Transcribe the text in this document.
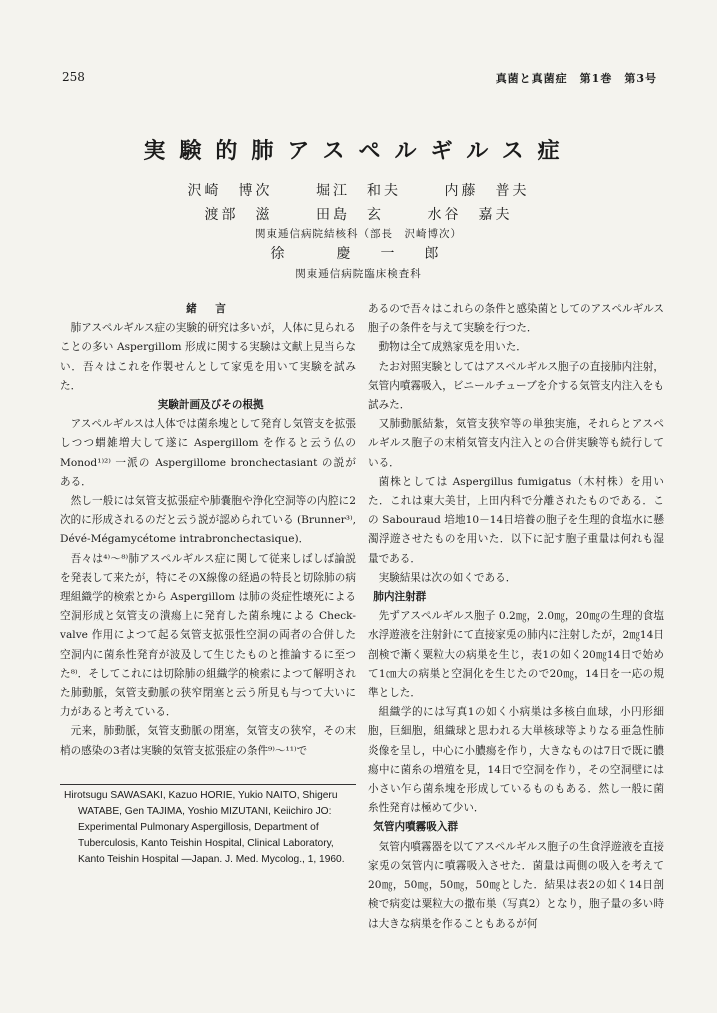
258	真菌と真菌症　第1巻　第3号
実験的肺アスペルギルス症
沢崎　博次	堀江　和夫	内藤　普夫
渡部　滋	田島　玄	水谷　嘉夫
関東逓信病院結核科（部長　沢崎博次）
徐　　慶　一　郎
関東逓信病院臨床検査科

緒　言

肺アスペルギルス症の実験的研究は多いが，人体に見られることの多い Aspergillom 形成に関する実験は文献上見当らない．吾々はこれを作製せんとして家兎を用いて実験を試みた．

実験計画及びその根拠

アスペルギルスは人体では菌糸塊として発育し気管支を拡張しつつ蝟雑増大して遂に Aspergillom を作ると云う仏の Monod¹⁾²⁾ 一派の Aspergillome bronchectasiant の説がある．

然し一般には気管支拡張症や肺嚢胞や浄化空洞等の内腔に2次的に形成されるのだと云う説が認められている (Brunner³⁾, Dévé-Mégamycétome intrabronchectasique)．

吾々は⁴⁾～⁸⁾肺アスペルギルス症に関して従来しばしば論説を発表して来たが，特にそのX線像の経過の特長と切除肺の病理組織学的検索とから Aspergillom は肺の炎症性壊死による空洞形成と気管支の潰瘍上に発育した菌糸塊による Check-valve 作用によつて起る気管支拡張性空洞の両者の合併した空洞内に菌糸性発育が波及して生じたものと推論するに至つた⁸⁾．そしてこれには切除肺の組織学的検索によつて解明された肺動脈，気管支動脈の狭窄閉塞と云う所見も与つて大いに力があると考えている．

元来，肺動脈，気管支動脈の閉塞，気管支の狭窄，その末梢の感染の3者は実験的気管支拡張症の条件⁹⁾～¹¹⁾で

Hirotsugu SAWASAKI, Kazuo HORIE, Yukio NAITO, Shigeru WATABE, Gen TAJIMA, Yoshio MIZUTANI, Keiichiro JO: Experimental Pulmonary Aspergillosis, Department of Tuberculosis, Kanto Teishin Hospital, Clinical Laboratory, Kanto Teishin Hospital —Japan. J. Med. Mycolog., 1, 1960.

あるので吾々はこれらの条件と感染菌としてのアスペルギルス胞子の条件を与えて実験を行つた．

動物は全て成熟家兎を用いた．

たお対照実験としてはアスペルギルス胞子の直接肺内注射，気管内噴霧吸入，ビニールチューブを介する気管支内注入をも試みた．

又肺動脈結紮，気管支狭窄等の単独実施，それらとアスペルギルス胞子の末梢気管支内注入との合併実験等も続行している．

菌株としては Aspergillus fumigatus（木村株）を用いた．これは東大美甘，上田内科で分離されたものである．この Sabouraud 培地10－14日培養の胞子を生理的食塩水に懸濁浮遊させたものを用いた．以下に記す胞子重量は何れも湿量である．

実験結果は次の如くである．

肺内注射群

先ずアスペルギルス胞子 0.2㎎，2.0㎎，20㎎の生理的食塩水浮遊液を注射針にて直接家兎の肺内に注射したが，2㎎14日剖検で漸く粟粒大の病巣を生じ，表1の如く20㎎14日で始めて1㎝大の病巣と空洞化を生じたので20㎎，14日を一応の規準とした．

組織学的には写真1の如く小病巣は多核白血球，小円形細胞，巨細胞，組織球と思われる大単核球等よりなる亜急性肺炎像を呈し，中心に小膿瘍を作り，大きなものは7日で既に膿瘍中に菌糸の増殖を見，14日で空洞を作り，その空洞壁には小さい乍ら菌糸塊を形成しているものもある．然し一般に菌糸性発育は極めて少い．

気管内噴霧吸入群

気管内噴霧器を以てアスペルギルス胞子の生食浮遊液を直接家兎の気管内に噴霧吸入させた．菌量は両側の吸入を考えて20㎎，50㎎，50㎎，50㎎とした．結果は表2の如く14日剖検で病変は粟粒大の撒布巣（写真2）となり，胞子量の多い時は大きな病巣を作ることもあるが何
